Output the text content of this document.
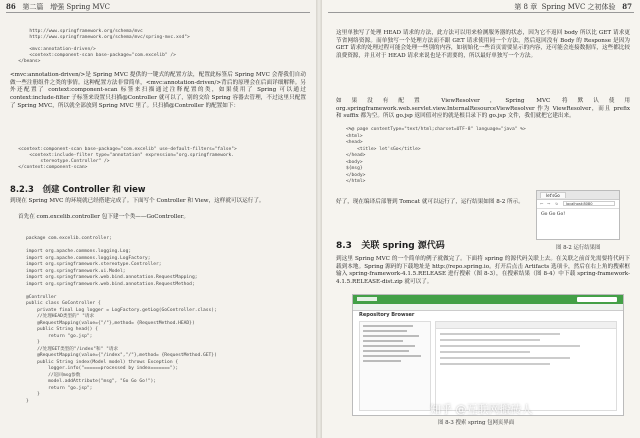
86 第二篇 增强 Spring MVC
http://www.springframework.org/schema/mvc
http://www.springframework.org/schema/mvc/spring-mvc.xsd">

<mvc:annotation-driven/>
<context:component-scan base-package="com.excelib" />
</beans>

<mvc:annotation-driven/>是 Spring MVC 提供的一键式的配置方法，配置此标签后 Spring MVC 会帮我们自动做一些注册组件之类的事情。这种配置方法非常简单，<mvc:annotation-driven/>背后的原理会在后面详细解释。另外还配置了 context:component-scan 标签来扫描通过注释配置的类，如果使用了 Spring 可以通过 context:include-filter 子标签来设置只扫描@Controller 就可以了，别的交给 Spring 容器去管理，不过这里只配置了 Spring MVC，所以就全部放到 Spring MVC 里了。只扫描@Controller 的配置如下：

<context:component-scan base-package="com.excelib" use-default-filters="false">
<context:include-filter type="annotation" expression="org.springframework.
stereotype.Controller" />
</context:component-scan>
8.2.3 创建 Controller 和 view

到现在 Spring MVC 的环境就已经搭建完成了。下面写个 Controller 和 View，这样就可以运行了。

首先在 com.excelib.controller 包下建一个类——GoController。

package com.excelib.controller;

import org.apache.commons.logging.Log;
import org.apache.commons.logging.LogFactory;
import org.springframework.stereotype.Controller;
import org.springframework.ui.Model;
import org.springframework.web.bind.annotation.RequestMapping;
import org.springframework.web.bind.annotation.RequestMethod;

@Controller
public class GoController {
private final Log logger = LogFactory.getLog(GoController.class);
//处理HEAD类型的" "请求
@RequestMapping(value={"/"},method= {RequestMethod.HEAD})
public String head() {
return "go.jsp";
}
//处理GET类型的"/index"和" "请求
@RequestMapping(value={"/index","/"},method= {RequestMethod.GET})
public String index(Model model) throws Exception {
logger.info("======processed by index=======");
//返回msg参数
model.addAttribute("msg", "Go Go Go!");
return "go.jsp";
}
}
第 8 章 Spring MVC 之初体验 87

这里单独写了处理 HEAD 请求的方法，此方法可以用来检测服务器的状态，因为它不返回 body 所以比 GET 请求更节省网络资源。而单独写一个处理方法而不跟 GET 请求使用同一个方法，然后返回没有 Body 的 Response 是因为 GET 请求的处理过程可能会处理一些别的内容，如初始化一些首页需要显示的内容，还可能会连接数据库，这些都比较浪费资源，并且对于 HEAD 请求来说也是不需要的，所以最好单独写一个方法。

如果没有配置 ViewResolver，Spring MVC 将默认使用 org.springframework.web.servlet.view.InternalResourceViewResolver 作为 ViewResolver，而且 prefix 和 suffix 都为空。所以 go.jsp 返回值对应的就是根目录下的 go.jsp 文件，我们就把它建出来。

<%@ page contentType="text/html;charset=UTF-8" language="java" %>
<html>
<head>
<title> let'sGo</title>
</head>
<body>
${msg}
</body>
</html>

好了，现在编译后部署到 Tomcat 就可以运行了，运行结果如图 8-2 所示。

let'sGo
← → ↻	localhost:8080
Go Go Go!
图 8-2 运行结果图
8.3 关联 spring 源代码

到这里 Spring MVC 的一个简单的例子就做完了。下面将 spring 的源代码关联上去。在关联之前首先需要将代码下载到本地。Spring 源码的下载地址是 http://repo.spring.io。打开后点击 Artifacts 选项卡，然后在右上角的搜索框输入 spring-framework-4.1.5.RELEASE 进行搜索（图 8-3），在搜索结果（图 8-4）中下载 spring-framework-4.1.5.RELEASE-dist.zip 就可以了。

Repository Browser
图 8-3 搜索 spring 包网页界面
知乎 @互联网搬砖人
